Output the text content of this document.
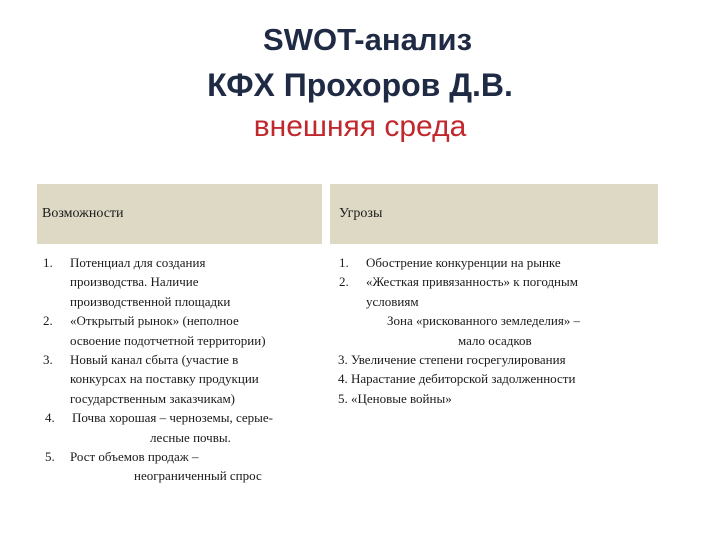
SWOT-анализ
КФХ Прохоров Д.В.
внешняя среда
Возможности	Угрозы
1. Потенциал для создания
производства. Наличие
производственной площадки
2. «Открытый рынок» (неполное
освоение подотчетной территории)
3. Новый канал сбыта (участие в
конкурсах на поставку продукции
государственным заказчикам)
4. Почва хорошая – черноземы, серые-
лесные почвы.
5. Рост объемов продаж –
неограниченный спрос
1. Обострение конкуренции на рынке
2. «Жесткая привязанность» к погодным
условиям
Зона «рискованного земледелия» –
мало осадков
3. Увеличение степени госрегулирования
4. Нарастание дебиторской задолженности
5. «Ценовые войны»
